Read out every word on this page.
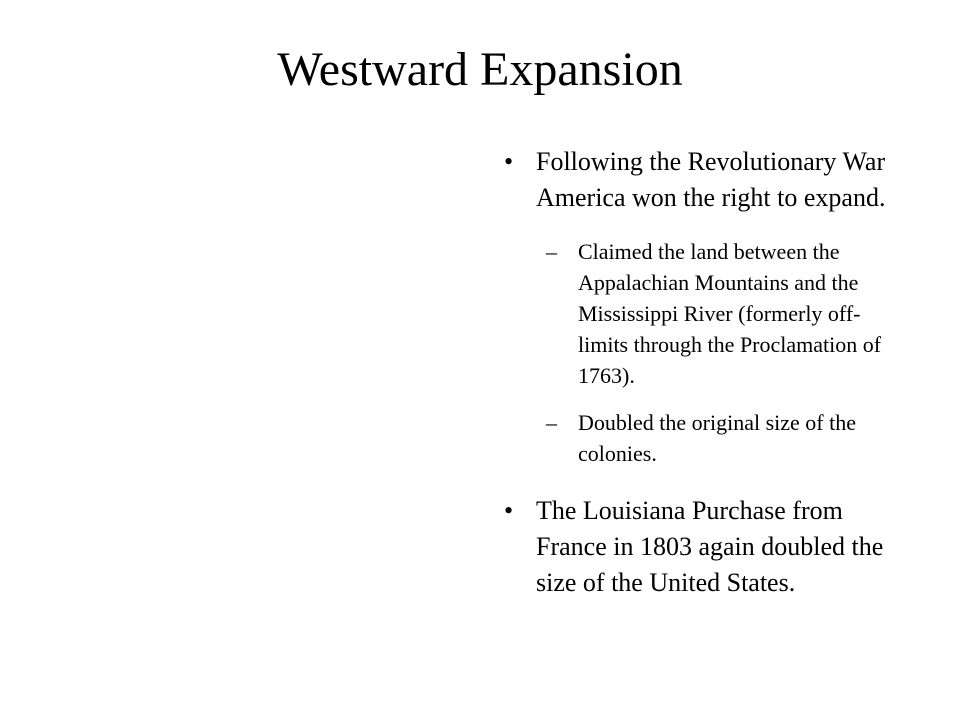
Westward Expansion
• Following the Revolutionary War America won the right to expand.
– Claimed the land between the Appalachian Mountains and the Mississippi River (formerly off-limits through the Proclamation of 1763).
– Doubled the original size of the colonies.
• The Louisiana Purchase from France in 1803 again doubled the size of the United States.
